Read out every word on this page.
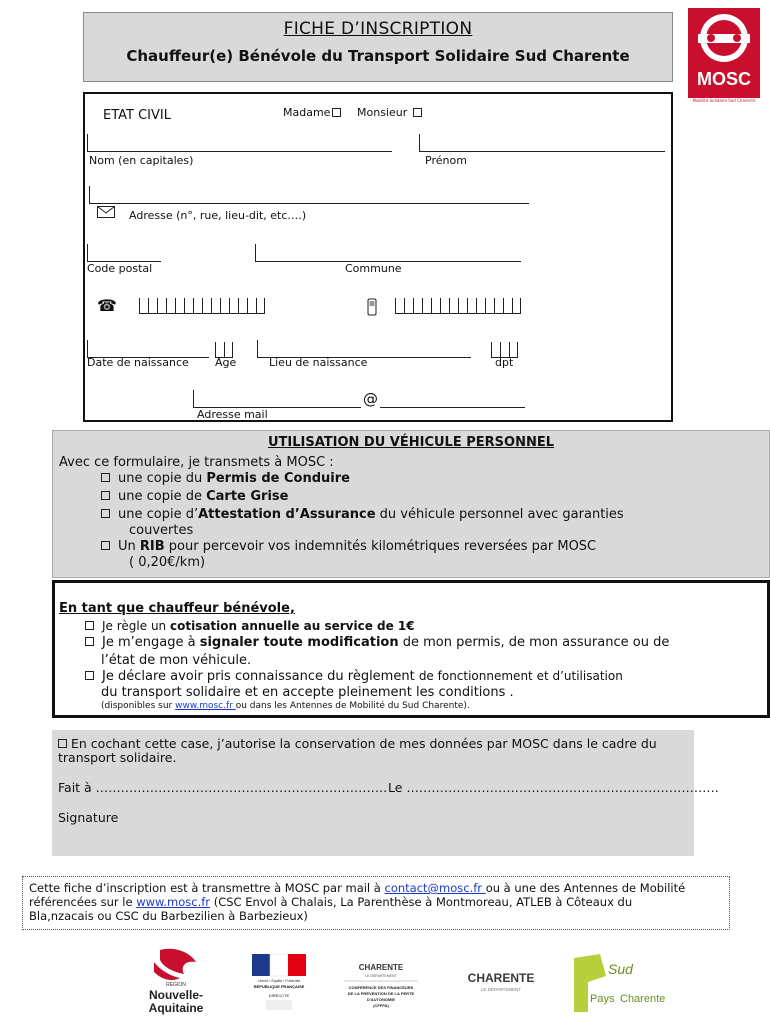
FICHE D’INSCRIPTION
Chauffeur(e) Bénévole du Transport Solidaire Sud Charente
MOSC
Mobilité Solidaire Sud Charente
ETAT CIVIL	Madame	Monsieur
Nom (en capitales)	Prénom
Adresse (n°, rue, lieu-dit, etc.…)
Code postal	Commune
☎
Date de naissance Age	Lieu de naissance	dpt
@
Adresse mail
UTILISATION DU VÉHICULE PERSONNEL
Avec ce formulaire, je transmets à MOSC :
une copie du Permis de Conduire
une copie de Carte Grise
une copie d’Attestation d’Assurance du véhicule personnel avec garanties
couvertes
Un RIB pour percevoir vos indemnités kilométriques reversées par MOSC
( 0,20€/km)
En tant que chauffeur bénévole,
Je règle un cotisation annuelle au service de 1€
Je m’engage à signaler toute modification de mon permis, de mon assurance ou de
l’état de mon véhicule.
Je déclare avoir pris connaissance du règlement de fonctionnement et d’utilisation
du transport solidaire et en accepte pleinement les conditions .
(disponibles sur www.mosc.fr ou dans les Antennes de Mobilité du Sud Charente).
En cochant cette case, j’autorise la conservation de mes données par MOSC dans le cadre du
transport solidaire.
Fait à ……………………………………………………………. Le …………………………………………………………………
Signature
Cette fiche d’inscription est à transmettre à MOSC par mail à contact@mosc.fr ou à une des Antennes de Mobilité
référencées sur le www.mosc.fr (CSC Envol à Chalais, La Parenthèse à Montmoreau, ATLEB à Côteaux du
Bla,nzacais ou CSC du Barbezilien à Barbezieux)
RÉGION
Nouvelle-
Aquitaine
Liberté • Égalité • Fraternité
RÉPUBLIQUE FRANÇAISE
DIRECCTE
CHARENTE
LE DÉPARTEMENT
CONFÉRENCE DES FINANCEURS
DE LA PRÉVENTION DE LA PERTE
D'AUTONOMIE
(CFFPA)
CHARENTE
LE DÉPARTEMENT
Sud
Pays Charente
